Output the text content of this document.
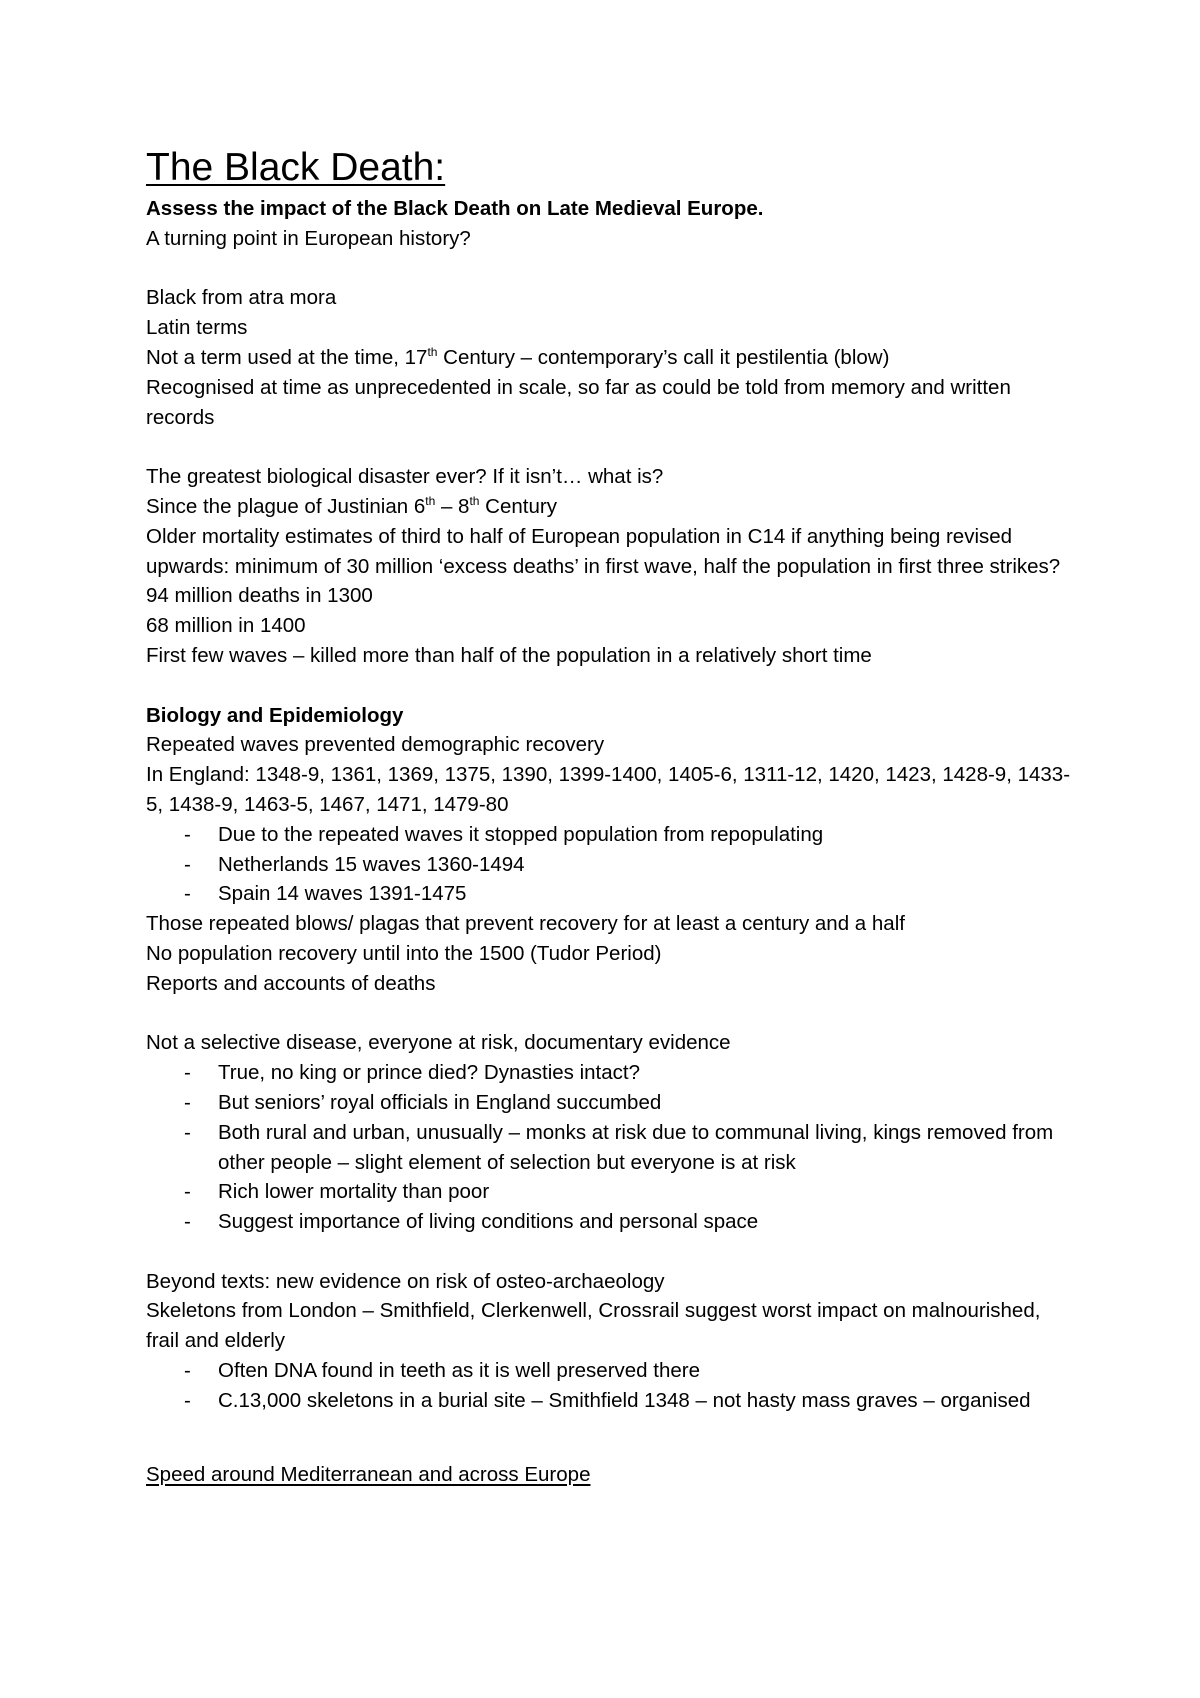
The Black Death:
Assess the impact of the Black Death on Late Medieval Europe.
A turning point in European history?
Black from atra mora
Latin terms
Not a term used at the time, 17th Century – contemporary’s call it pestilentia (blow)
Recognised at time as unprecedented in scale, so far as could be told from memory and written records
The greatest biological disaster ever? If it isn’t… what is?
Since the plague of Justinian 6th – 8th Century
Older mortality estimates of third to half of European population in C14 if anything being revised upwards: minimum of 30 million ‘excess deaths’ in first wave, half the population in first three strikes?
94 million deaths in 1300
68 million in 1400
First few waves – killed more than half of the population in a relatively short time
Biology and Epidemiology
Repeated waves prevented demographic recovery
In England: 1348-9, 1361, 1369, 1375, 1390, 1399-1400, 1405-6, 1311-12, 1420, 1423, 1428-9, 1433-5, 1438-9, 1463-5, 1467, 1471, 1479-80
- Due to the repeated waves it stopped population from repopulating
- Netherlands 15 waves 1360-1494
- Spain 14 waves 1391-1475
Those repeated blows/ plagas that prevent recovery for at least a century and a half
No population recovery until into the 1500 (Tudor Period)
Reports and accounts of deaths
Not a selective disease, everyone at risk, documentary evidence
- True, no king or prince died? Dynasties intact?
- But seniors’ royal officials in England succumbed
- Both rural and urban, unusually – monks at risk due to communal living, kings removed from other people – slight element of selection but everyone is at risk
- Rich lower mortality than poor
- Suggest importance of living conditions and personal space
Beyond texts: new evidence on risk of osteo-archaeology
Skeletons from London – Smithfield, Clerkenwell, Crossrail suggest worst impact on malnourished, frail and elderly
- Often DNA found in teeth as it is well preserved there
- C.13,000 skeletons in a burial site – Smithfield 1348 – not hasty mass graves – organised
Speed around Mediterranean and across Europe
